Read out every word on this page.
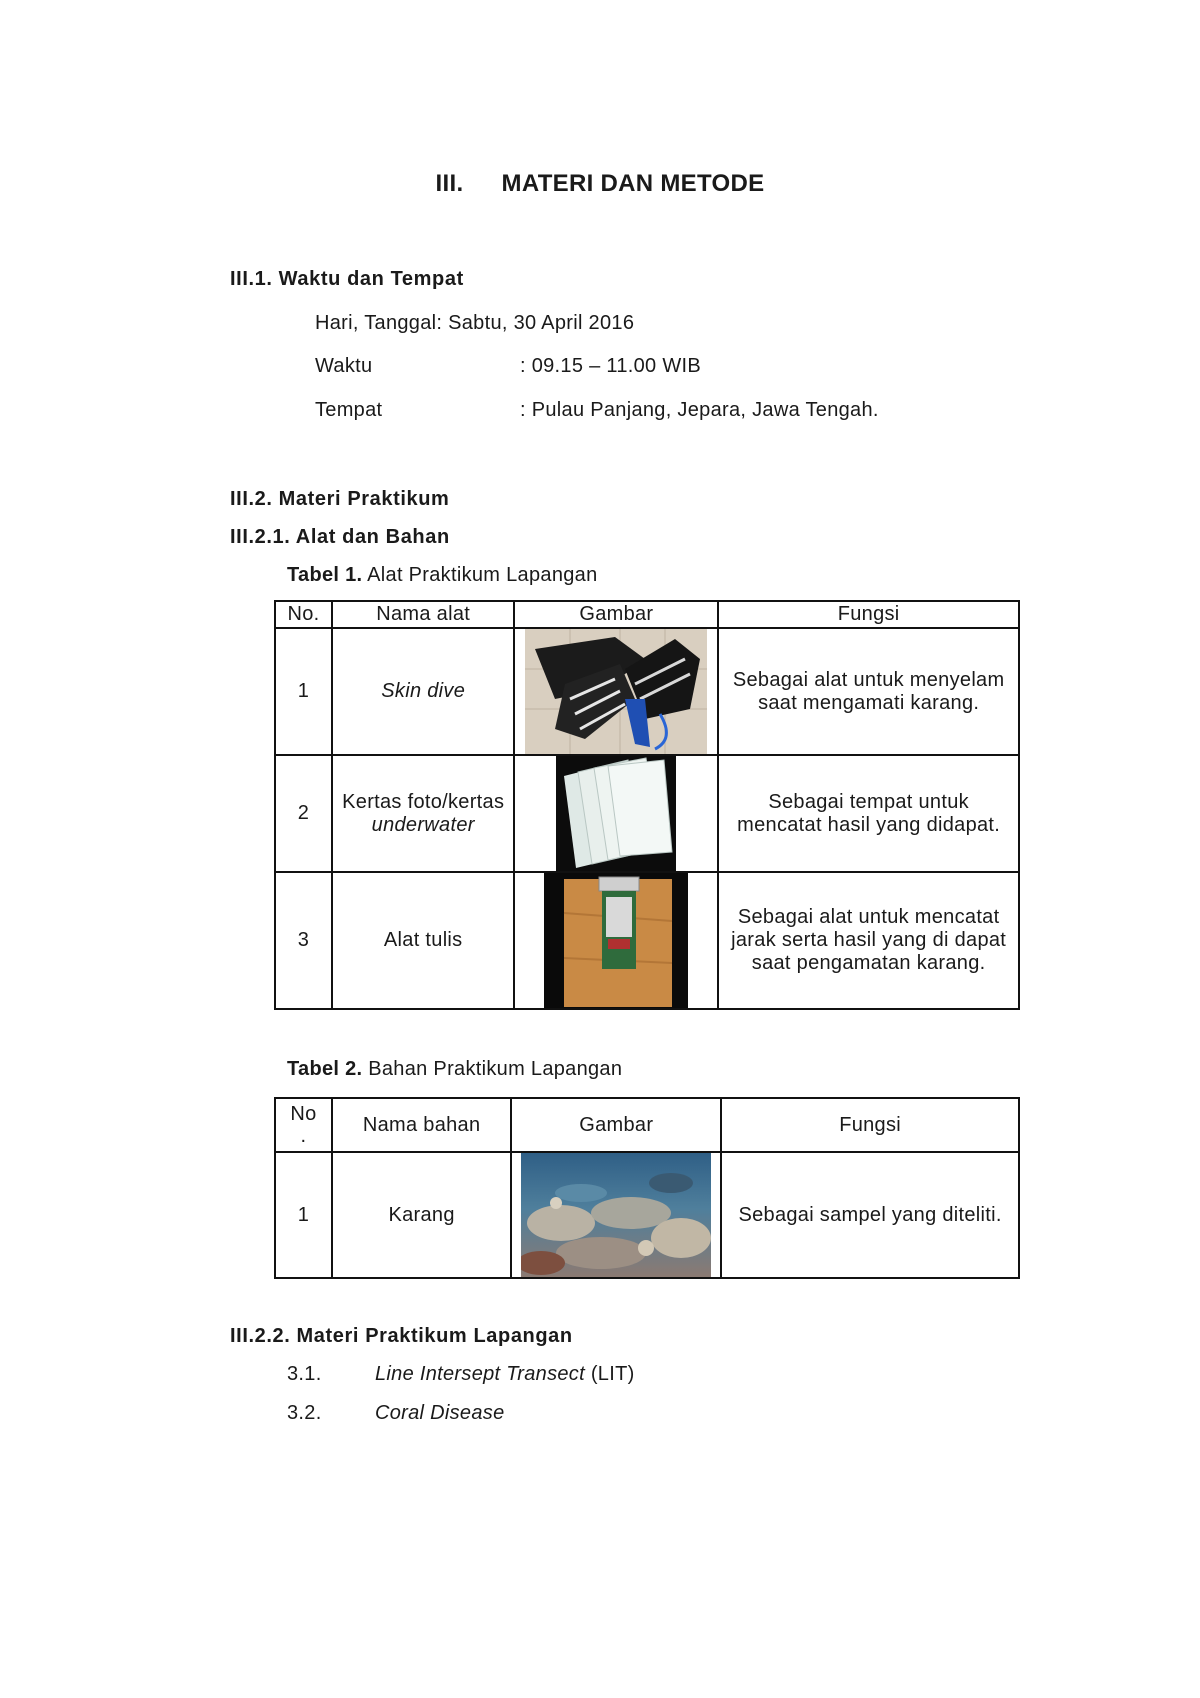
III. MATERI DAN METODE
III.1. Waktu dan Tempat
Hari, Tanggal: Sabtu, 30 April 2016
Waktu	: 09.15 – 11.00 WIB
Tempat	: Pulau Panjang, Jepara, Jawa Tengah.
III.2. Materi Praktikum
III.2.1. Alat dan Bahan
Tabel 1. Alat Praktikum Lapangan
No.	Nama alat	Gambar	Fungsi
1	Skin dive		Sebagai alat untuk menyelam saat mengamati karang.
2	Kertas foto/kertas
underwater		Sebagai tempat untuk mencatat hasil yang didapat.
3	Alat tulis		Sebagai alat untuk mencatat jarak serta hasil yang di dapat saat pengamatan karang.
Tabel 2. Bahan Praktikum Lapangan
No
.	Nama bahan	Gambar	Fungsi
1	Karang		Sebagai sampel yang diteliti.
III.2.2. Materi Praktikum Lapangan
3.1.	Line Intersept Transect (LIT)
3.2.	Coral Disease
